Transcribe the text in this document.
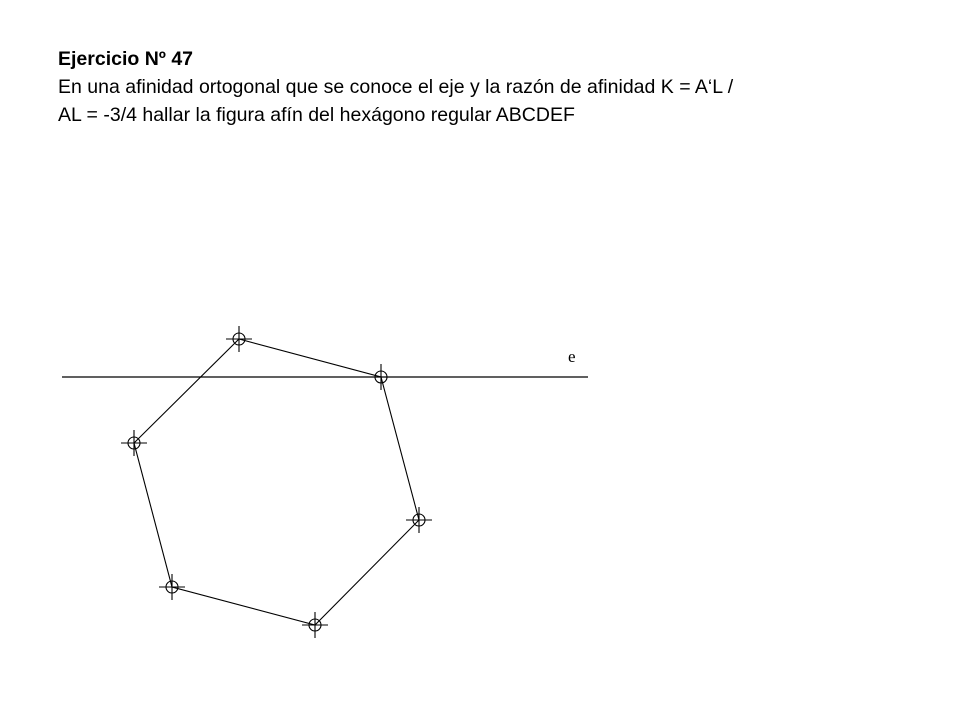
Ejercicio Nº 47
En una afinidad ortogonal que se conoce el eje y la razón de afinidad K = A‘L /
AL = -3/4 hallar la figura afín del hexágono regular ABCDEF
e
